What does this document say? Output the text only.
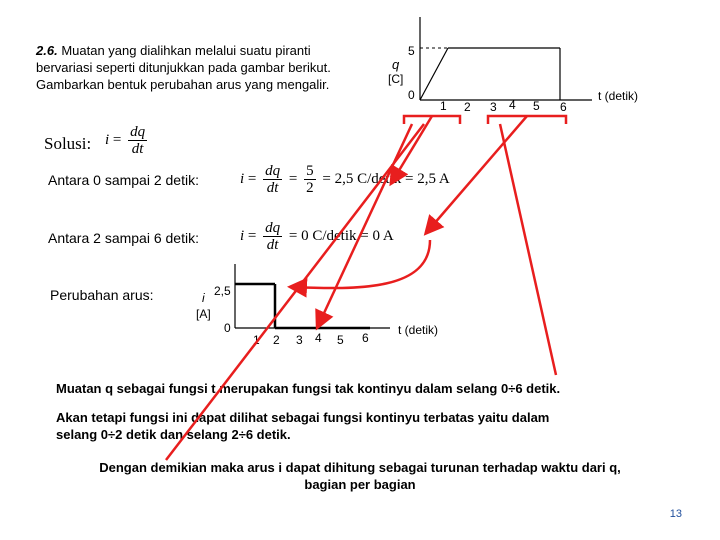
2.6. Muatan yang dialihkan melalui suatu piranti
bervariasi seperti ditunjukkan pada gambar berikut.
Gambarkan bentuk perubahan arus yang mengalir.
5
q
[C]
0
1 2 3 4 5 6
t (detik)
Solusi: $i = \frac{dq}{dt}$
Antara 0 sampai 2 detik:	$i = \frac{dq}{dt} = \frac{5}{2} = 2,5$ C/detik = 2,5 A
Antara 2 sampai 6 detik:	$i = \frac{dq}{dt} = 0$ C/detik = 0 A
Perubahan arus:	2,5
i
[A]
0
1 2 3 4 5 6
t (detik)
Muatan q sebagai fungsi t merupakan fungsi tak kontinyu dalam selang 0÷6 detik.
Akan tetapi fungsi ini dapat dilihat sebagai fungsi kontinyu terbatas yaitu dalam
selang 0÷2 detik dan selang 2÷6 detik.
Dengan demikian maka arus i dapat dihitung sebagai turunan terhadap waktu dari q,
bagian per bagian
13
